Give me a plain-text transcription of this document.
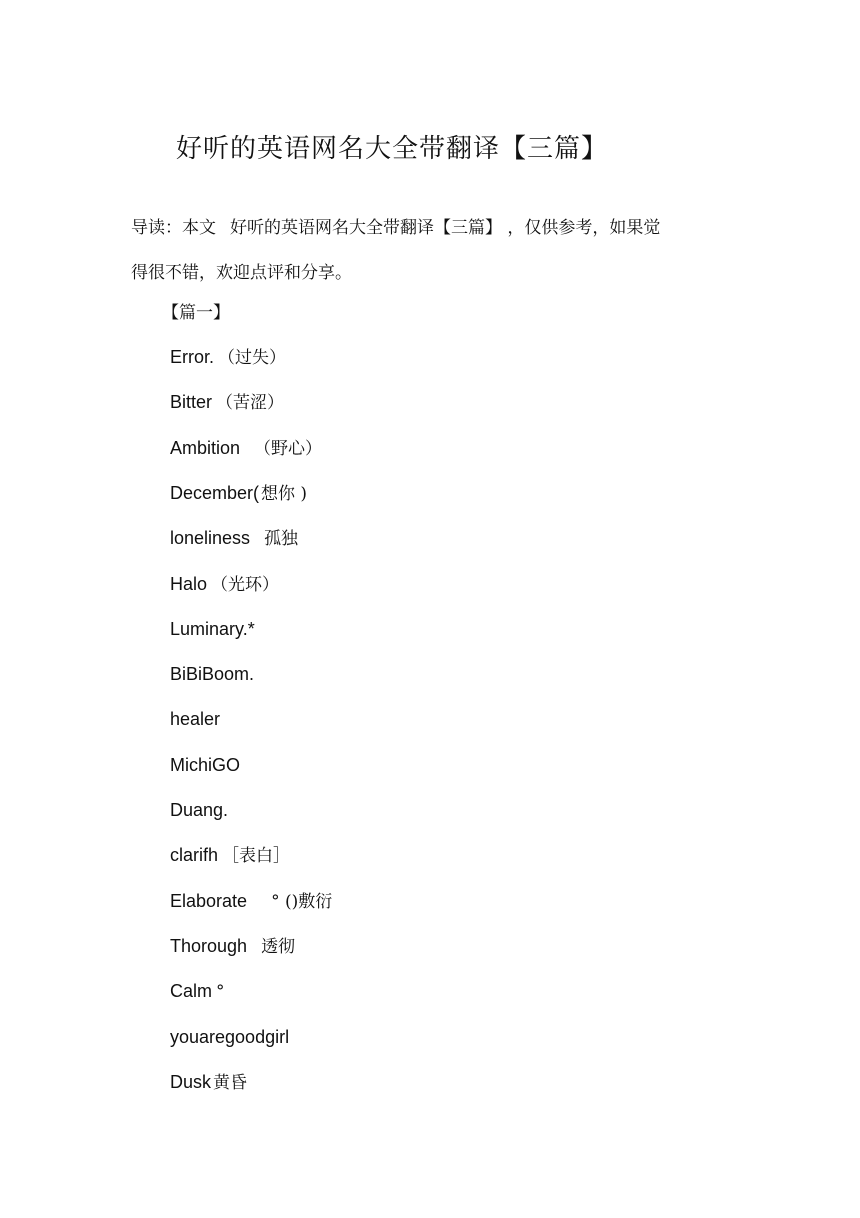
好听的英语网名大全带翻译【三篇】
导读：本文 好听的英语网名大全带翻译【三篇】 ，仅供参考，如果觉
得很不错，欢迎点评和分享。
【篇一】
Error. （过失）
Bitter （苦涩）
Ambition （野心）
December( 想你 )
loneliness 孤独
Halo （光环）
Luminary.*
BiBiBoom.
healer
MichiGO
Duang.
clarifh ［表白］
Elaborate ° ()敷衍
Thorough 透彻
Calm °
youaregoodgirl
Dusk 黄昏
